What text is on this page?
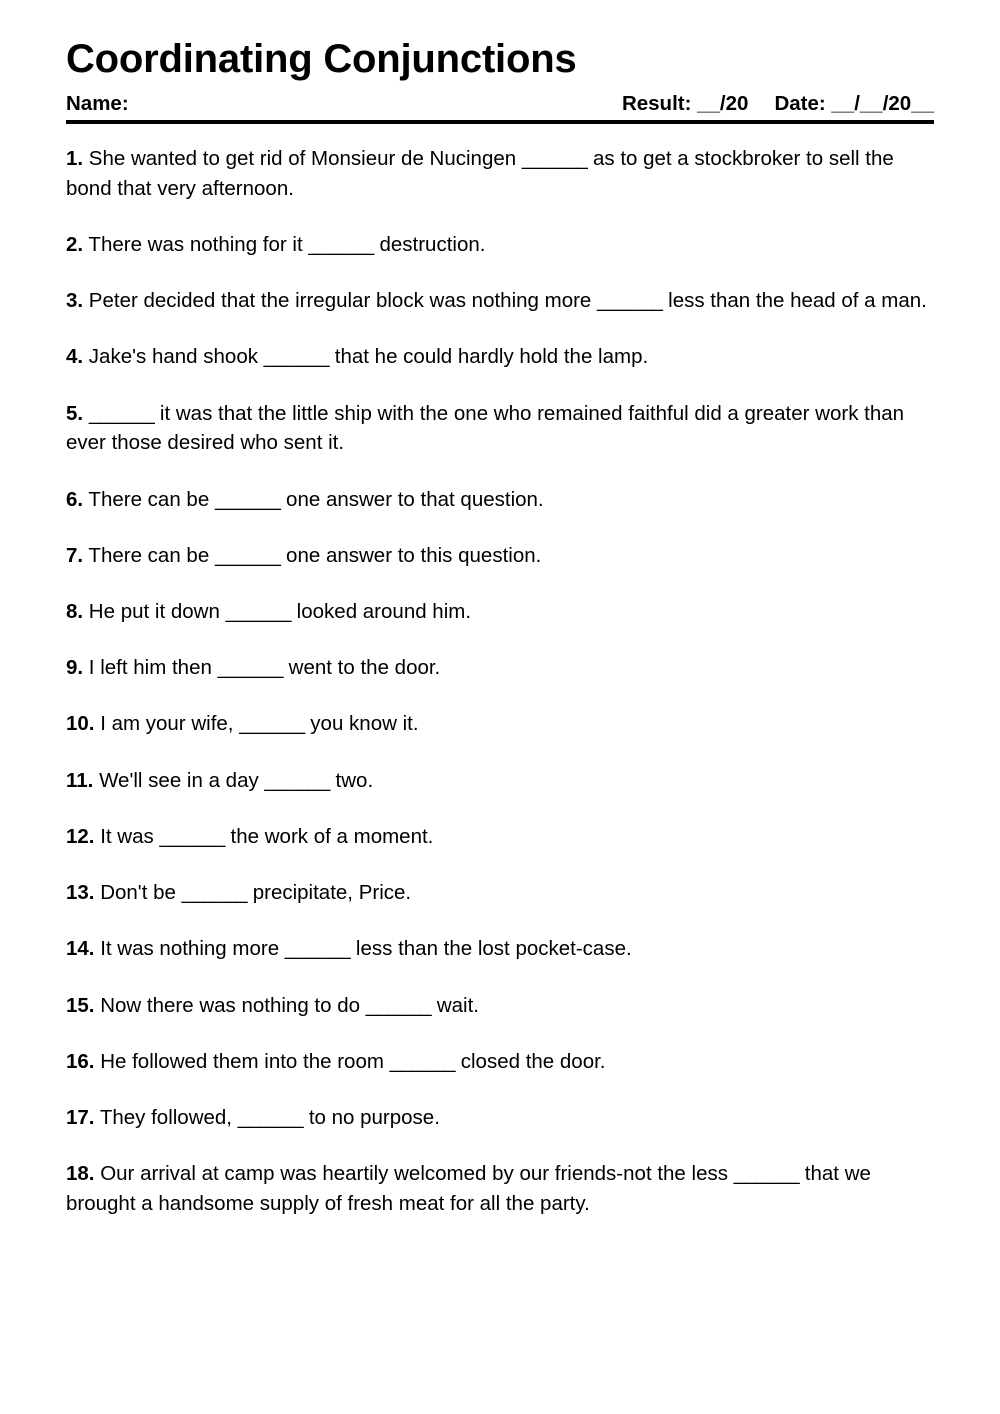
Coordinating Conjunctions
Name:	Result: __/20 Date: __/__/20__

1. She wanted to get rid of Monsieur de Nucingen ______ as to get a stockbroker to sell the bond that very afternoon.

2. There was nothing for it ______ destruction.

3. Peter decided that the irregular block was nothing more ______ less than the head of a man.

4. Jake's hand shook ______ that he could hardly hold the lamp.

5. ______ it was that the little ship with the one who remained faithful did a greater work than ever those desired who sent it.

6. There can be ______ one answer to that question.

7. There can be ______ one answer to this question.

8. He put it down ______ looked around him.

9. I left him then ______ went to the door.

10. I am your wife, ______ you know it.

11. We'll see in a day ______ two.

12. It was ______ the work of a moment.

13. Don't be ______ precipitate, Price.

14. It was nothing more ______ less than the lost pocket-case.

15. Now there was nothing to do ______ wait.

16. He followed them into the room ______ closed the door.

17. They followed, ______ to no purpose.

18. Our arrival at camp was heartily welcomed by our friends-not the less ______ that we brought a handsome supply of fresh meat for all the party.
